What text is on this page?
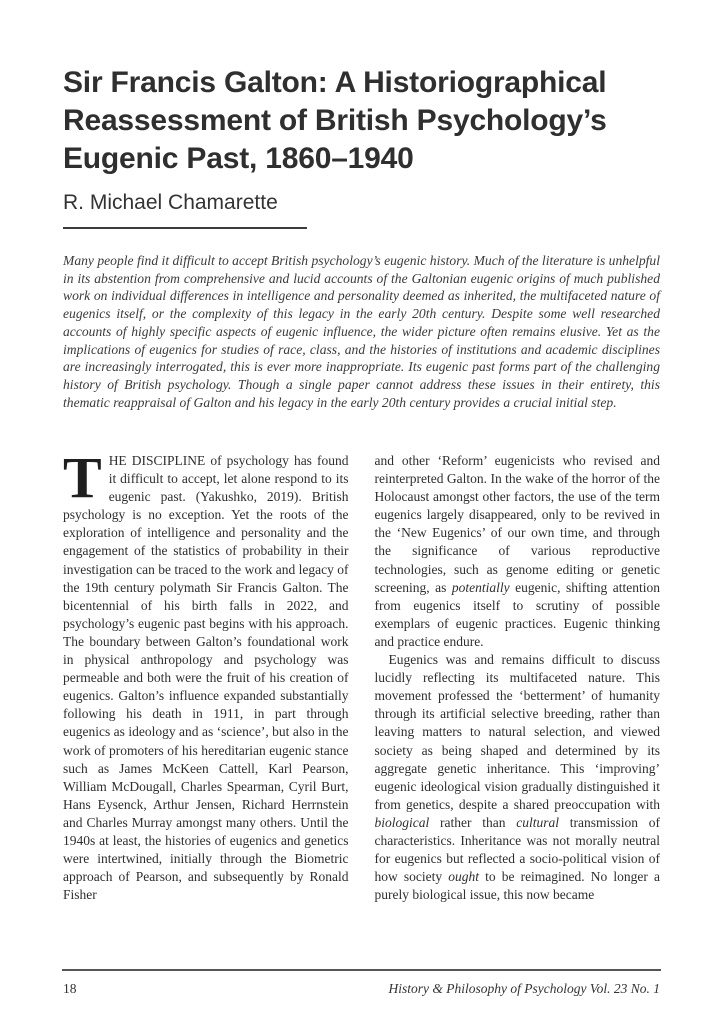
Sir Francis Galton: A Historiographical
Reassessment of British Psychology’s
Eugenic Past, 1860–1940
R. Michael Chamarette

Many people find it difficult to accept British psychology’s eugenic history. Much of the literature is unhelpful in its abstention from comprehensive and lucid accounts of the Galtonian eugenic origins of much published work on individual differences in intelligence and personality deemed as inherited, the multifaceted nature of eugenics itself, or the complexity of this legacy in the early 20th century. Despite some well researched accounts of highly specific aspects of eugenic influence, the wider picture often remains elusive. Yet as the implications of eugenics for studies of race, class, and the histories of institutions and academic disciplines are increasingly interrogated, this is ever more inappropriate. Its eugenic past forms part of the challenging history of British psychology. Though a single paper cannot address these issues in their entirety, this thematic reappraisal of Galton and his legacy in the early 20th century provides a crucial initial step.

THE DISCIPLINE of psychology has found it difficult to accept, let alone respond to its eugenic past. (Yakushko, 2019). British psychology is no exception. Yet the roots of the exploration of intelligence and personality and the engagement of the statistics of probability in their investigation can be traced to the work and legacy of the 19th century polymath Sir Francis Galton. The bicentennial of his birth falls in 2022, and psychology’s eugenic past begins with his approach. The boundary between Galton’s foundational work in physical anthropology and psychology was permeable and both were the fruit of his creation of eugenics. Galton’s influence expanded substantially following his death in 1911, in part through eugenics as ideology and as ‘science’, but also in the work of promoters of his hereditarian eugenic stance such as James McKeen Cattell, Karl Pearson, William McDougall, Charles Spearman, Cyril Burt, Hans Eysenck, Arthur Jensen, Richard Herrnstein and Charles Murray amongst many others. Until the 1940s at least, the histories of eugenics and genetics were intertwined, initially through the Biometric approach of Pearson, and subsequently by Ronald Fisher

and other ‘Reform’ eugenicists who revised and reinterpreted Galton. In the wake of the horror of the Holocaust amongst other factors, the use of the term eugenics largely disappeared, only to be revived in the ‘New Eugenics’ of our own time, and through the significance of various reproductive technologies, such as genome editing or genetic screening, as potentially eugenic, shifting attention from eugenics itself to scrutiny of possible exemplars of eugenic practices. Eugenic thinking and practice endure.

Eugenics was and remains difficult to discuss lucidly reflecting its multifaceted nature. This movement professed the ‘betterment’ of humanity through its artificial selective breeding, rather than leaving matters to natural selection, and viewed society as being shaped and determined by its aggregate genetic inheritance. This ‘improving’ eugenic ideological vision gradually distinguished it from genetics, despite a shared preoccupation with biological rather than cultural transmission of characteristics. Inheritance was not morally neutral for eugenics but reflected a socio-political vision of how society ought to be reimagined. No longer a purely biological issue, this now became

18	History & Philosophy of Psychology Vol. 23 No. 1
